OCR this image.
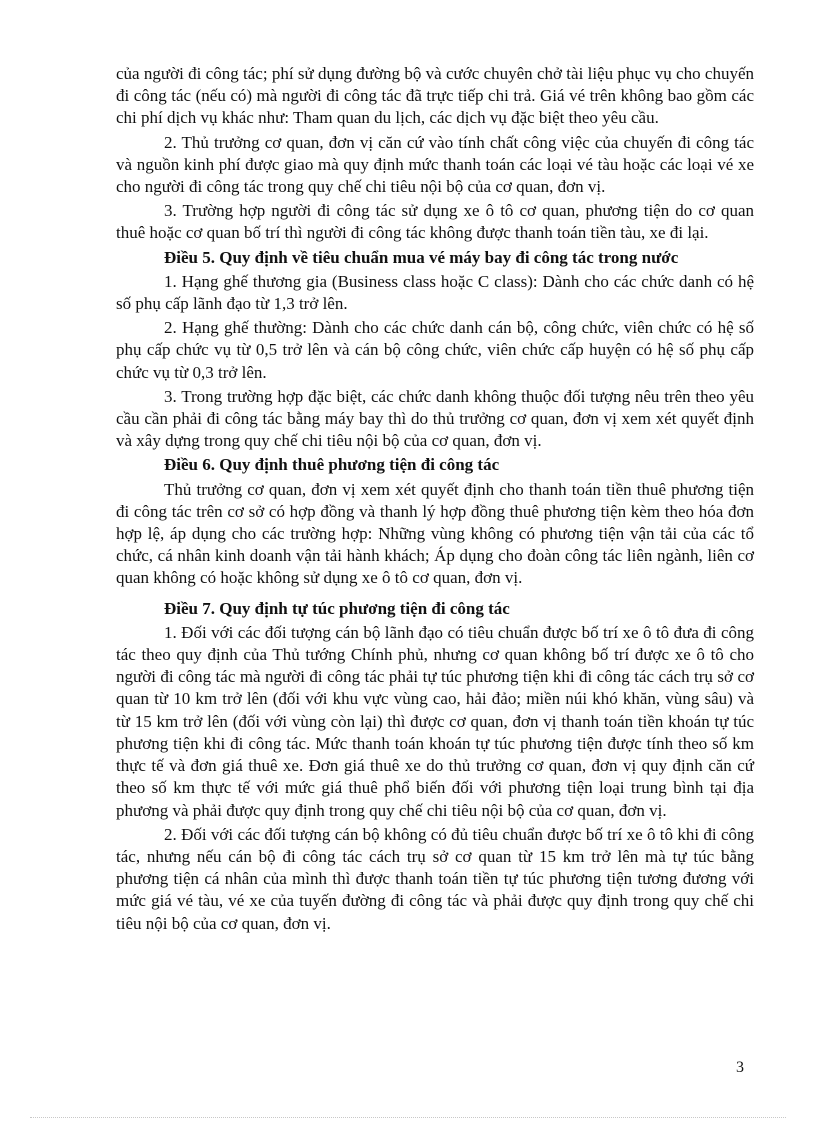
của người đi công tác; phí sử dụng đường bộ và cước chuyên chở tài liệu phục vụ cho chuyến đi công tác (nếu có) mà người đi công tác đã trực tiếp chi trả. Giá vé trên không bao gồm các chi phí dịch vụ khác như: Tham quan du lịch, các dịch vụ đặc biệt theo yêu cầu.

2. Thủ trưởng cơ quan, đơn vị căn cứ vào tính chất công việc của chuyến đi công tác và nguồn kinh phí được giao mà quy định mức thanh toán các loại vé tàu hoặc các loại vé xe cho người đi công tác trong quy chế chi tiêu nội bộ của cơ quan, đơn vị.

3. Trường hợp người đi công tác sử dụng xe ô tô cơ quan, phương tiện do cơ quan thuê hoặc cơ quan bố trí thì người đi công tác không được thanh toán tiền tàu, xe đi lại.

Điều 5. Quy định về tiêu chuẩn mua vé máy bay đi công tác trong nước

1. Hạng ghế thương gia (Business class hoặc C class): Dành cho các chức danh có hệ số phụ cấp lãnh đạo từ 1,3 trở lên.

2. Hạng ghế thường: Dành cho các chức danh cán bộ, công chức, viên chức có hệ số phụ cấp chức vụ từ 0,5 trở lên và cán bộ công chức, viên chức cấp huyện có hệ số phụ cấp chức vụ từ 0,3 trở lên.

3. Trong trường hợp đặc biệt, các chức danh không thuộc đối tượng nêu trên theo yêu cầu cần phải đi công tác bằng máy bay thì do thủ trưởng cơ quan, đơn vị xem xét quyết định và xây dựng trong quy chế chi tiêu nội bộ của cơ quan, đơn vị.

Điều 6. Quy định thuê phương tiện đi công tác

Thủ trưởng cơ quan, đơn vị xem xét quyết định cho thanh toán tiền thuê phương tiện đi công tác trên cơ sở có hợp đồng và thanh lý hợp đồng thuê phương tiện kèm theo hóa đơn hợp lệ, áp dụng cho các trường hợp: Những vùng không có phương tiện vận tải của các tổ chức, cá nhân kinh doanh vận tải hành khách; Áp dụng cho đoàn công tác liên ngành, liên cơ quan không có hoặc không sử dụng xe ô tô cơ quan, đơn vị.

Điều 7. Quy định tự túc phương tiện đi công tác

1. Đối với các đối tượng cán bộ lãnh đạo có tiêu chuẩn được bố trí xe ô tô đưa đi công tác theo quy định của Thủ tướng Chính phủ, nhưng cơ quan không bố trí được xe ô tô cho người đi công tác mà người đi công tác phải tự túc phương tiện khi đi công tác cách trụ sở cơ quan từ 10 km trở lên (đối với khu vực vùng cao, hải đảo; miền núi khó khăn, vùng sâu) và từ 15 km trở lên (đối với vùng còn lại) thì được cơ quan, đơn vị thanh toán tiền khoán tự túc phương tiện khi đi công tác. Mức thanh toán khoán tự túc phương tiện được tính theo số km thực tế và đơn giá thuê xe. Đơn giá thuê xe do thủ trưởng cơ quan, đơn vị quy định căn cứ theo số km thực tế với mức giá thuê phổ biến đối với phương tiện loại trung bình tại địa phương và phải được quy định trong quy chế chi tiêu nội bộ của cơ quan, đơn vị.

2. Đối với các đối tượng cán bộ không có đủ tiêu chuẩn được bố trí xe ô tô khi đi công tác, nhưng nếu cán bộ đi công tác cách trụ sở cơ quan từ 15 km trở lên mà tự túc bằng phương tiện cá nhân của mình thì được thanh toán tiền tự túc phương tiện tương đương với mức giá vé tàu, vé xe của tuyến đường đi công tác và phải được quy định trong quy chế chi tiêu nội bộ của cơ quan, đơn vị.

3
